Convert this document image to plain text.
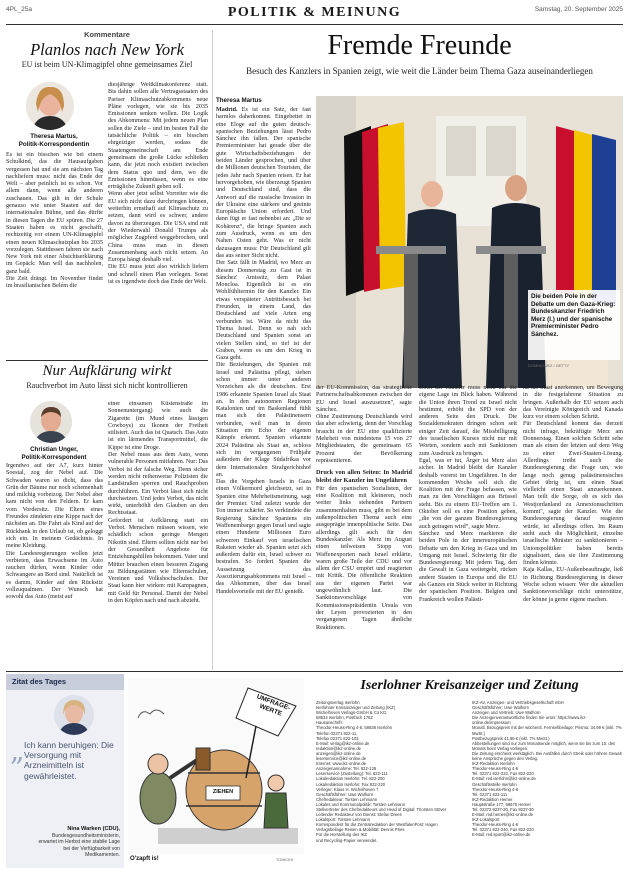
4PL_25a	Samstag, 20. September 2025
POLITIK & MEINUNG
Kommentare
Planlos nach New York
EU ist beim UN-Klimagipfel ohne gemeinsames Ziel
Theresa Martus,
Politik-Korrespondentin
Es ist ein bisschen wie bei einem Schulkind, das die Hausaufgaben vergessen hat und sie am nächsten Tag nachliefern muss: nicht das Ende der Welt – aber peinlich ist es schon. Vor allem dann, wenn alle anderen zuschauen. Das gilt in der Schule genauso wie unter Staaten auf der internationalen Bühne, und das dürfte in diesen Tagen die EU spüren. Die 27 Staaten haben es nicht geschafft, rechtzeitig vor einem UN-Klimagipfel einen neuen Klimaschutzplan bis 2035 vorzulegen. Stattdessen fahren sie nach New York mit einer Absichtserklärung im Gepäck: Man will das nachholen, ganz bald.
Die Zeit drängt. Im November findet im brasilianischen Belém die
diesjährige Weltklimakonferenz statt. Bis dahin sollen alle Vertragsstaaten des Pariser Klimaschutzabkommens neue Pläne vorlegen, wie sie bis 2035 Emissionen senken wollen. Die Logik des Abkommens: Mit jedem neuen Plan sollen die Ziele – und im besten Fall die tatsächliche Politik – ein bisschen ehrgeiziger werden, sodass die Staatengemeinschaft am Ende gemeinsam die große Lücke schließen kann, die jetzt noch existiert zwischen dem Status quo und dem, wo die Emissionen hinmüssen, wenn es eine erträgliche Zukunft geben soll.
Wenn aber jetzt selbst Vorreiter wie die EU sich nicht dazu durchringen können, weiterhin ernsthaft auf Klimaschutz zu setzen, dann wird es schwer, andere davon zu überzeugen. Die USA sind mit der Wiederwahl Donald Trumps als möglicher Zugpferd weggebrochen, und China muss man in diesen Zusammenhang auch nicht setzen. An Europa hängt deshalb viel.
Die EU muss jetzt also wirklich liefern und schnell einen Plan vorlegen. Sonst ist es irgendwie doch das Ende der Welt.
Nur Aufklärung wirkt
Rauchverbot im Auto lässt sich nicht kontrollieren
Christian Unger,
Politik-Korrespondent
Irgendwo auf der A7, kurz hinter Soestal, zog der Nebel auf. Die Schwaden waren so dicht, dass das Grün der Bäume nur noch schemenhaft und milchig vorbeizog. Der Nebel aber kam nicht von den Feldern. Er kam vom Vordersitz. Die Eltern eines Freundes zündeten eine Kippe nach der nächsten an. Die Fahrt als Kind auf der Rückbank in den Urlaub ist, ob geloggt sich ein. In meinem Gedächtnis. In meine Kleidung.
Die Landesregierungen wollen jetzt verbieten, dass Erwachsene im Auto rauchen dürfen, wenn Kinder oder Schwangere an Bord sind. Natürlich ist es damm, Kinder auf den Rücksitz vollzuqualmen. Der Wunsch hat sowohl das Auto (meist auf
einer einsamen Küstenstraße im Sonnenuntergang) wie auch die Zigarette (im Mund eines lässigen Cowboys) zu Ikonen der Freiheit stilisiert. Auch das ist Quatsch. Das Auto ist ein lärmendes Transportmittel, die Kippe ist eine Droge.
Der Nebel muss aus dem Auto, wenn vulnerable Personen mitfahren. Nur: Das Verbot ist der falsche Weg. Denn sicher werden nicht reihenweise Polizisten die Landstraßen sperren und Rauchproben durchführen. Ein Verbot lässt sich nicht durchsetzen. Und jedes Verbot, das nicht wirkt, unterhöhlt den Glauben an den Rechtsstaat.
Gefordert ist Aufklärung statt ein Verbot. Menschen müssen wissen, wie schädlich schon geringe Mengen Nikotin sind. Eltern sollten nicht nur bei der Gesundheit Angebote für Entziehungshilfen bekommen. Vater und Mütter brauchen einen besseren Zugang zu Bildungsstätten wie Elternschulen, Vereinen und Volkshochschulen. Der Staat kann hier wirken: mit Kampagnen, mit Geld für Personal. Damit der Nebel in den Köpfen nach und nach abzieht.
Fremde Freunde
Besuch des Kanzlers in Spanien zeigt, wie weit die Länder beim Thema Gaza auseinanderliegen
Theresa Martus
Madrid. Es ist ein Satz, der fast harmlos daherkommt. Eingebettet in eine Eloge auf die guten deutsch-spanischen Beziehungen lässt Pedro Sánchez ihn fallen. Der spanische Premierminister hat gerade über die gute Wirtschaftsbeziehungen der beiden Länder gesprochen, und über die Millionen deutschen Touristen, die jedes Jahr nach Spanien reisen. Er hat hervorgehoben, wie überzeugt Spanien und Deutschland sind, dass die Antwort auf die russische Invasion in der Ukraine eine stärkere und geeinte Europäische Union erfordert. Und dann fügt er fast nebenbei an: „Die se Kohärenz“, die bringe Spanien auch zum Ausdruck, wenn es um den Nahen Osten geht. Was er nicht dazusagen muss: Für Deutschland gilt das aus seiner Sicht nicht.
Der Satz fällt in Madrid, wo Merz an diesem Donnerstag zu Gast ist in Sánchez' Amtssitz, dem Palast Moncloa. Eigentlich ist es ein Wohlfühltermin für den Kanzler. Ein etwas verspäteter Antrittsbesuch bei Freunden, in einem Land, das Deutschland auf viele Arten eng verbunden ist. Wäre da nicht das Thema Israel. Denn so nah sich Deutschland und Spanien sonst an vielen Stellen sind, so tief ist der Graben, wenn es um den Krieg in Gaza geht.
Die Beziehungen, die Spanien mit Israel und Palästina pflegt, stehen schon immer unter anderen Vorzeichen als die deutschen. Erst 1986 erkannte Spanien Israel als Staat an. In den autonomen Regionen Katalonien und im Baskenland fühlt man sich den Palästinensern verbunden, weil man in deren Situation ein Echo der eigenen Kämpfe erkennt. Spanien erkannte 2024 Palästina als Staat an, schloss sich im vergangenen Frühjahr außerdem der Klage Südafrikas vor dem Internationalen Strafgerichtshof an.
Das die Vorgehen Israels in Gaza einen Völkermord gleichsetzt, sei in Spanien eine Mehrheitsmeinung, sagt der Premier. Und zuletzt wurde der Ton immer schärfer. So verkündete die Regierung Sánchez Spaniens ein Waffenembargo gegen Israel und sagte einen Hunderte Millionen Euro schweren Einkauf von israelischen Raketen wieder ab. Spanien setzt sich außerdem dafür ein, Israel schwer zu bestrafen. So fordert Spanien die Aussetzung des Assoziierungsabkommens mit Israel – das Abkommen, über das Israel Handelsvorteile mit der EU genießt.
Die beiden Pole in der Debatte um den Gaza-Krieg: Bundeskanzler Friedrich Merz (l.) und der spanische Premierminister Pedro Sánchez.
DOMINGUEZ / GETTY
der EU-Kommission, das strategische Partnerschaftsabkommen zwischen der EU und Israel auszusetzen", sagte Sánchez.
Ohne Zustimmung Deutschlands wird das aber schwierig, denn der Vorschlag braucht in der EU eine qualifizierte Mehrheit von mindestens 15 von 27 Mitgliedstaaten, die gemeinsam 65 Prozent der Bevölkerung repräsentieren.
Druck von allen Seiten: In Madrid bleibt der Kanzler im Ungefähren
Für den spanischen Sozialisten, der eine Koalition mit kleineren, noch weiter links stehenden Partnern zusammenhalten muss, gibt es bei dem außenpolitischen Thema auch eine ausgeprägte innenpolitische Seite. Das allerdings gilt auch für den Bundeskanzler. Als Merz im August einen teilweisen Stopp von Waffenexporten nach Israel erklärte, waren große Teile der CDU und vor allem der CSU empört und reagierten mit Kritik. Die öffentliche Reaktion aus der eigenen Partei war ungewöhnlich laut. Die Sanktionsvorschläge von Kommissionspräsidentin Ursula von der Leyen provozierten in den vergangenen Tagen ähnliche Reaktionen.
Doch der Kanzler muss nicht nur die eigene Lage im Blick haben. Während die Union ihren Trend zu Israel nicht bestimmt, erhöht die SPD von der anderen Seite den Druck. Die Sozialdemokraten dringen schon seit einiger Zeit darauf, die Missbilligung des israelischen Kurses nicht nur mit Worten, sondern auch mit Sanktionen zum Ausdruck zu bringen.
Egal, was er tut, Ärger ist Merz also sicher. In Madrid bleibt der Kanzler deshalb vorerst im Ungefähren. In der kommenden Woche soll sich die Koalition mit der Frage befassen, wie man zu den Vorschlägen aus Brüssel steht. Bis zu einem EU-Treffen am 1. Oktober soll es eine Position geben, „die von der ganzen Bundesregierung auch getragen wird“, sagte Merz.
Sánchez und Merz markieren die beiden Pole in der innereuropäischen Debatte um den Krieg in Gaza und im Umgang mit Israel. Schwierig für die Bundesregierung: Mit jedem Tag, den die Gewalt in Gaza weitergeht, rücken andere Staaten in Europa und die EU als Ganzes ein Stück weiter in Richtung der spanischen Position. Belgien und Frankreich wollen Palästi-
na als Staat anerkennen, um Bewegung in die festgefahrene Situation zu bringen. Außerhalb der EU setzen auch das Vereinigte Königreich und Kanada kurz vor einem solchen Schritt.
Für Deutschland kommt das derzeit nicht infrage, bekräftigte Merz am Donnerstag. Einen solchen Schritt sehe man als einen der letzten auf dem Weg zu einer Zwei-Staaten-Lösung. Allerdings treibt auch die Bundesregierung die Frage um, wie lange noch genug palästinensisches Gebiet übrig ist, um einen Staat vielleicht einen Staat anzuerkennen. Man teilt die Sorge, ob es sich das Westjordanland zu Annexionsschritten kommt", sagte der Kanzler. Wie die Bundesregierung darauf reagieren würde, ist allerdings offen. Im Raum steht auch die Möglichkeit, einzelne israelische Minister zu sanktionieren – Unionspolitiker haben bereits signalisiert, dass sie ihre Zustimmung finden könnte.
Kaja Kallas, EU-Außenbeauftragte, ließ in Richtung Bundesregierung in dieser Woche schon wissen: Wer die aktuellen Sanktionsvorschläge nicht unterstütze, der könne ja gerne eigene machen.
Zitat des Tages
„ Ich kann beruhigen: Die Versorgung mit Arzneimitteln ist gewährleistet.
Nina Warken (CDU),
Bundesgesundheitsministerin, erwartet im Herbst eine stabile Lage bei der Verfügbarkeit von Medikamenten.
UMFRAGE-WERTE
ZIEHEN
O'zapft is!	TOMICEK
Iserlohner Kreisanzeiger und Zeitung
Zeitungsverlag Iserlohn
Iserlohner Kreisanzeiger und Zeitung (IKZ)
Wichelhoven Verlags-GmbH & Co KG,
58634 Iserlohn, Postfach 1762
Hausanschrift:
Theodor-Heuss-Ring 4-6, 58636 Iserlohn
Telefon 02371 822-11,
Telefax 02371 822-102
E-Mail: verlag@ikz-online.de
redaktion@ikz-online.de
anzeigen@ikz-online.de
leserservice@ikz-online.de
Internet: www.ikz-online.de
Anzeigenannahme: Tel. 822-126
Leserservice (Zustellung): Tel. 822-111
Lokalredaktion Iserlohn: Tel. 822-200
Lokalredaktion Iserlohn: Fax 822-220
Verleger: Klaus H. Wichelhoven †
Geschäftsführer: Uwe Walhorn
Chefredakteur: Torsten Lehmann
Lokales und Kommunalpolitik: Torsten Lehmann
Stellvertreter des Chefredakteurs und Head of Digital: Thorsten Stöver
Leitender Redakteur von Dienst: Stefan Drees
Lokalsport: Torsten Lehmann
Korrespondent für die Zentralredaktion der WestfalenPost: Hagen
Verlagsbeilage Reisen & Mobilität: Dennis Pries
Für die Herstellung des IKZ
und Recycling-Papier verwendet.
IKZ-AV, Anzeigen- und Vertriebsgesellschaft mbH
Geschäftsführer: Uwe Walhorn
Anzeigen und Vertrieb: Uwe Walhorn
Die Anzeigenverantwortliche finden Sie unter: https://www.ikz-online.de/impressum
Monatl. Bezugspreis mit der wöchentl. Fernsehbeilage: Prisma: 34,99 € (inkl. 7% MwSt.)
Postbezugspreis 41,99 € (inkl. 7% MwSt.)
Abbestellungen sind nur zum Monatsende möglich, wenn sie bis zum 10. des Monats beim Verlag vorliegen.
Die Zeitung erscheint werktäglich. Bei Ausfällen durch Streik oder höhere Gewalt keine Ansprüche gegen den Verlag.
IKZ-Redaktion Iserlohn
Theodor-Heuss-Ring 4-6
Tel. 02371 822-222, Fax 822-220
E-Mail: red.iserlohn@ikz-online.de
Geschäftsstelle Iserlohn
Theodor-Heuss-Ring 4-6
Tel. 02371 822-111
IKZ-Redaktion Hemer
Hauptstraße 177, 58675 Hemer
Tel. 02372 9237-20, Fax 9237-30
E-Mail: red.hemer@ikz-online.de
IKZ-Lokalsport
Theodor-Heuss-Ring 4-6
Tel. 02371 822-240, Fax 822-220
E-Mail: red.sport@ikz-online.de
